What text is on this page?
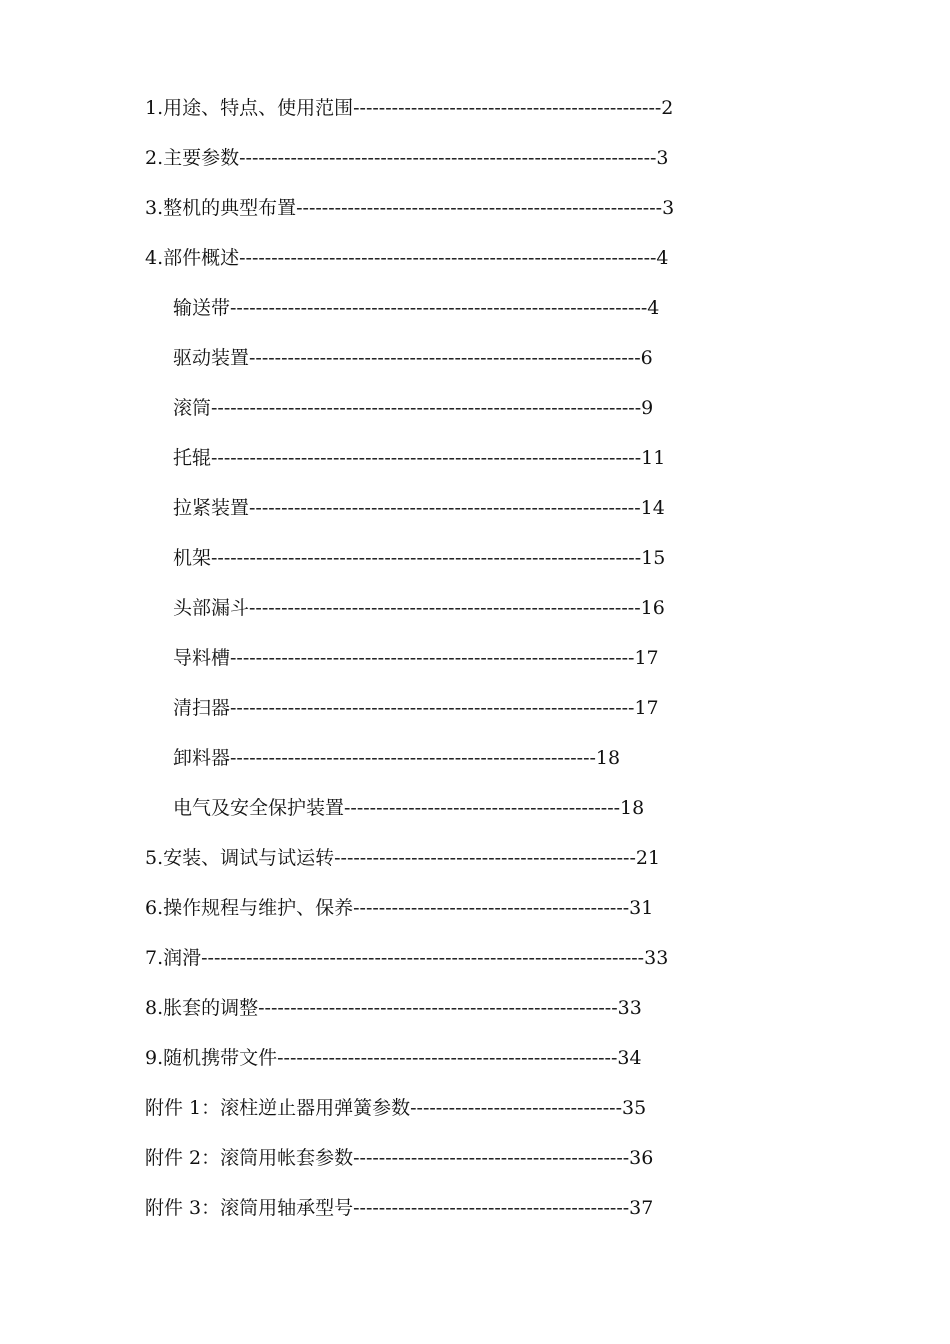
1.用途、特点、使用范围------------------------------------------------2
2.主要参数-----------------------------------------------------------------3
3.整机的典型布置---------------------------------------------------------3
4.部件概述-----------------------------------------------------------------4
输送带-----------------------------------------------------------------4
驱动装置-------------------------------------------------------------6
滚筒-------------------------------------------------------------------9
托辊-------------------------------------------------------------------11
拉紧装置-------------------------------------------------------------14
机架-------------------------------------------------------------------15
头部漏斗-------------------------------------------------------------16
导料槽---------------------------------------------------------------17
清扫器---------------------------------------------------------------17
卸料器---------------------------------------------------------18
电气及安全保护装置-------------------------------------------18
5.安装、调试与试运转-----------------------------------------------21
6.操作规程与维护、保养-------------------------------------------31
7.润滑---------------------------------------------------------------------33
8.胀套的调整--------------------------------------------------------33
9.随机携带文件-----------------------------------------------------34
附件 1：滚柱逆止器用弹簧参数---------------------------------35
附件 2：滚筒用帐套参数-------------------------------------------36
附件 3：滚筒用轴承型号-------------------------------------------37
